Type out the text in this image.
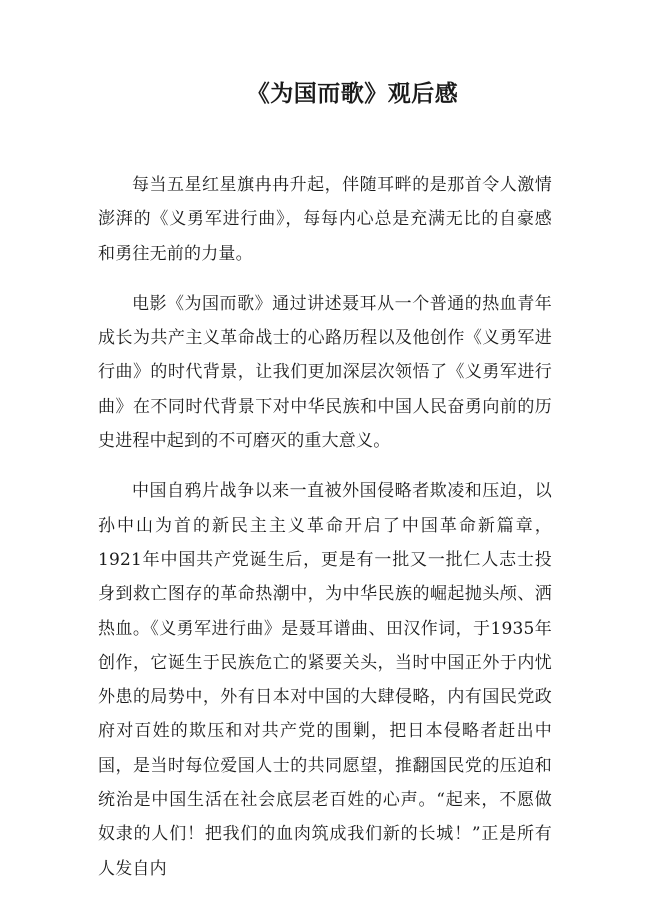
《为国而歌》观后感

每当五星红星旗冉冉升起，伴随耳畔的是那首令人激情澎湃的《义勇军进行曲》，每每内心总是充满无比的自豪感和勇往无前的力量。

电影《为国而歌》通过讲述聂耳从一个普通的热血青年成长为共产主义革命战士的心路历程以及他创作《义勇军进行曲》的时代背景，让我们更加深层次领悟了《义勇军进行曲》在不同时代背景下对中华民族和中国人民奋勇向前的历史进程中起到的不可磨灭的重大意义。

中国自鸦片战争以来一直被外国侵略者欺凌和压迫，以孙中山为首的新民主主义革命开启了中国革命新篇章，1921年中国共产党诞生后，更是有一批又一批仁人志士投身到救亡图存的革命热潮中，为中华民族的崛起抛头颅、洒热血。《义勇军进行曲》是聂耳谱曲、田汉作词，于1935年创作，它诞生于民族危亡的紧要关头，当时中国正外于内忧外患的局势中，外有日本对中国的大肆侵略，内有国民党政府对百姓的欺压和对共产党的围剿，把日本侵略者赶出中国，是当时每位爱国人士的共同愿望，推翻国民党的压迫和统治是中国生活在社会底层老百姓的心声。“起来，不愿做奴隶的人们！把我们的血肉筑成我们新的长城！”正是所有人发自内
